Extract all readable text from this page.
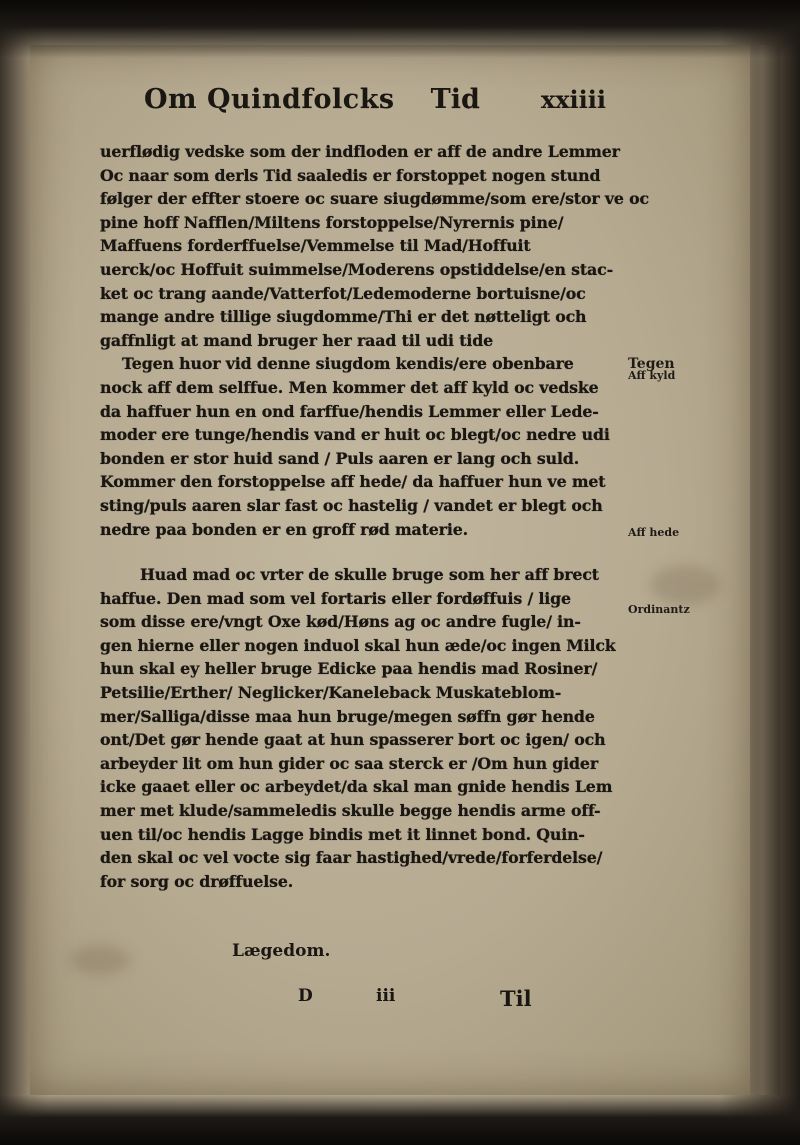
Om Quindfolcks Tid	xxiiii
uerflødig vedske som der indfloden er aff de andre Lemmer
Oc naar som derls Tid saaledis er forstoppet nogen stund
følger der effter stoere oc suare siugdømme/som ere/stor ve oc
pine hoff Nafflen/Miltens forstoppelse/Nyrernis pine/
Maffuens forderffuelse/Vemmelse til Mad/Hoffuit
uerck/oc Hoffuit suimmelse/Moderens opstiddelse/en stac-
ket oc trang aande/Vatterfot/Ledemoderne bortuisne/oc
mange andre tillige siugdomme/Thi er det nøtteligt och
gaffnligt at mand bruger her raad til udi tide
Tegen huor vid denne siugdom kendis/ere obenbare
nock aff dem selffue. Men kommer det aff kyld oc vedske
da haffuer hun en ond farffue/hendis Lemmer eller Lede-
moder ere tunge/hendis vand er huit oc blegt/oc nedre udi
bonden er stor huid sand / Puls aaren er lang och suld.
Kommer den forstoppelse aff hede/ da haffuer hun ve met
sting/puls aaren slar fast oc hastelig / vandet er blegt och
nedre paa bonden er en groff rød materie.
Huad mad oc vrter de skulle bruge som her aff brect
haffue. Den mad som vel fortaris eller fordøffuis / lige
som disse ere/vngt Oxe kød/Høns ag oc andre fugle/ in-
gen hierne eller nogen induol skal hun æde/oc ingen Milck
hun skal ey heller bruge Edicke paa hendis mad Rosiner/
Petsilie/Erther/ Neglicker/Kaneleback Muskateblom-
mer/Salliga/disse maa hun bruge/megen søffn gør hende
ont/Det gør hende gaat at hun spasserer bort oc igen/ och
arbeyder lit om hun gider oc saa sterck er /Om hun gider
icke gaaet eller oc arbeydet/da skal man gnide hendis Lem
mer met klude/sammeledis skulle begge hendis arme off-
uen til/oc hendis Lagge bindis met it linnet bond. Quin-
den skal oc vel vocte sig faar hastighed/vrede/forferdelse/
for sorg oc drøffuelse.
Tegen
Aff kyld
Aff hede
Ordinantz
Lægedom.
D	iii	Til
